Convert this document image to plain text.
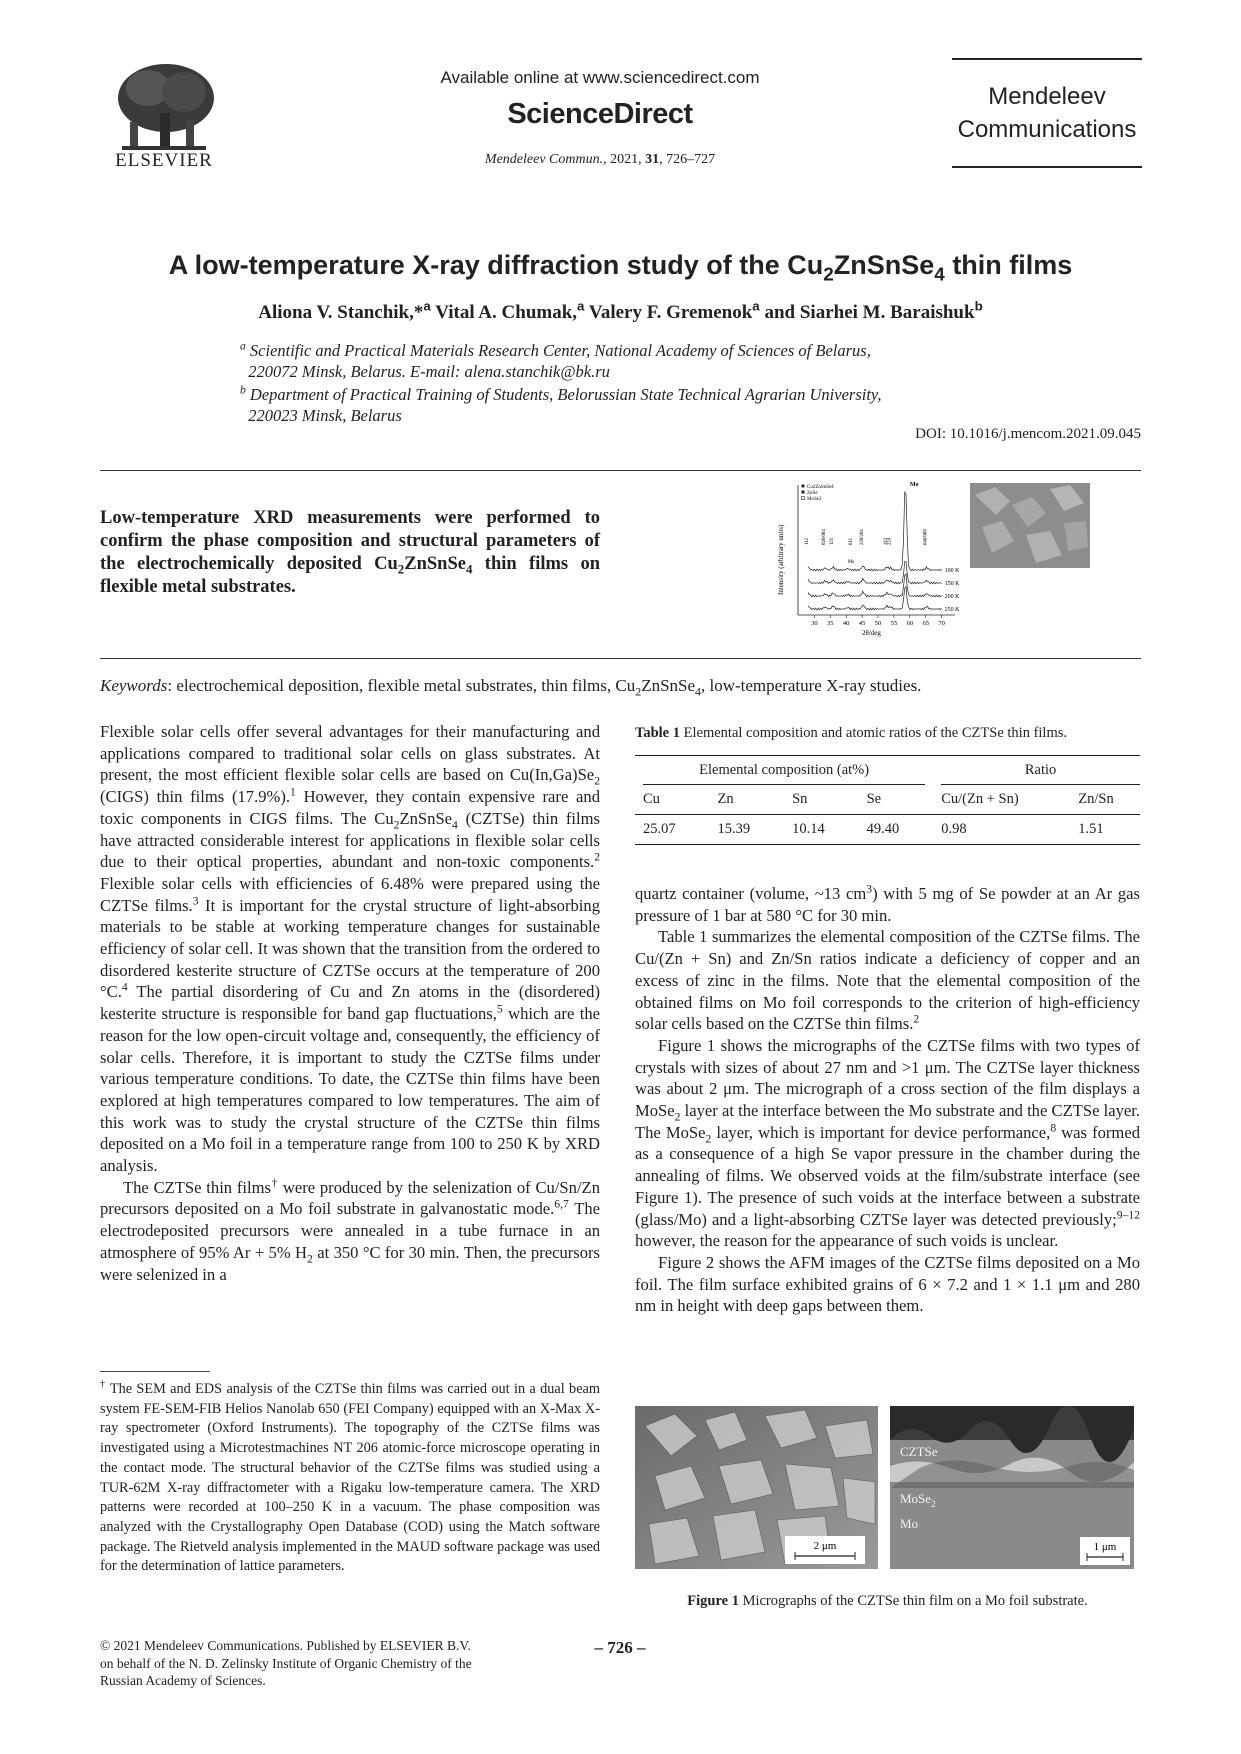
ELSEVIER
Available online at www.sciencedirect.com
ScienceDirect
Mendeleev Commun., 2021, 31, 726–727
Mendeleev
Communications
A low-temperature X-ray diffraction study of the $Cu_2ZnSnSe_4$ thin films
Aliona V. Stanchik,*$^a$ Vital A. Chumak,$^a$ Valery F. Gremenok$^a$ and Siarhei M. Baraishuk$^b$
$^a$ Scientific and Practical Materials Research Center, National Academy of Sciences of Belarus,
220072 Minsk, Belarus. E-mail: alena.stanchik@bk.ru
$^b$ Department of Practical Training of Students, Belorussian State Technical Agrarian University,
220023 Minsk, Belarus
DOI: 10.1016/j.mencom.2021.09.045
Low-temperature XRD measurements were performed to confirm the phase composition and structural parameters of the electrochemically deposited $Cu_2ZnSnSe_4$ thin films on flexible metal substrates.	Intensity (arbitrary units)
30 35 40 45 50 55 60 65 70
2θ/deg
Cu2ZnSnSe4
ZnSe
MoSe2
Mo
100 K
150 K
200 K
250 K
112	020/004 121
Mo
011 220/204	312
224	040/008
Keywords: electrochemical deposition, flexible metal substrates, thin films, $Cu_2ZnSnSe_4$, low-temperature X-ray studies.

Flexible solar cells offer several advantages for their manufacturing and applications compared to traditional solar cells on glass substrates. At present, the most efficient flexible solar cells are based on $Cu(In,Ga)Se_2$ (CIGS) thin films (17.9%).$^1$ However, they contain expensive rare and toxic components in CIGS films. The $Cu_2ZnSnSe_4$ (CZTSe) thin films have attracted considerable interest for applications in flexible solar cells due to their optical properties, abundant and non-toxic components.$^2$ Flexible solar cells with efficiencies of 6.48% were prepared using the CZTSe films.$^3$ It is important for the crystal structure of light-absorbing materials to be stable at working temperature changes for sustainable efficiency of solar cell. It was shown that the transition from the ordered to disordered kesterite structure of CZTSe occurs at the temperature of 200 °C.$^4$ The partial disordering of Cu and Zn atoms in the (disordered) kesterite structure is responsible for band gap fluctuations,$^5$ which are the reason for the low open-circuit voltage and, consequently, the efficiency of solar cells. Therefore, it is important to study the CZTSe films under various temperature conditions. To date, the CZTSe thin films have been explored at high temperatures compared to low temperatures. The aim of this work was to study the crystal structure of the CZTSe thin films deposited on a Mo foil in a temperature range from 100 to 250 K by XRD analysis.

The CZTSe thin films† were produced by the selenization of Cu/Sn/Zn precursors deposited on a Mo foil substrate in galvanostatic mode.$^{6,7}$ The electrodeposited precursors were annealed in a tube furnace in an atmosphere of 95% Ar + 5% $H_2$ at 350 °C for 30 min. Then, the precursors were selenized in a

† The SEM and EDS analysis of the CZTSe thin films was carried out in a dual beam system FE-SEM-FIB Helios Nanolab 650 (FEI Company) equipped with an X-Max X-ray spectrometer (Oxford Instruments). The topography of the CZTSe films was investigated using a Microtestmachines NT 206 atomic-force microscope operating in the contact mode. The structural behavior of the CZTSe films was studied using a TUR-62M X-ray diffractometer with a Rigaku low-temperature camera. The XRD patterns were recorded at 100–250 K in a vacuum. The phase composition was analyzed with the Crystallography Open Database (COD) using the Match software package. The Rietveld analysis implemented in the MAUD software package was used for the determination of lattice parameters.
Table 1 Elemental composition and atomic ratios of the CZTSe thin films.
Elemental composition (at%)				Ratio	

Cu	Zn	Sn	Se	Cu/(Zn + Sn)	Zn/Sn
25.07	15.39	10.14	49.40	0.98	1.51

quartz container (volume, ~13 $cm^3$) with 5 mg of Se powder at an Ar gas pressure of 1 bar at 580 °C for 30 min.

Table 1 summarizes the elemental composition of the CZTSe films. The Cu/(Zn + Sn) and Zn/Sn ratios indicate a deficiency of copper and an excess of zinc in the films. Note that the elemental composition of the obtained films on Mo foil corresponds to the criterion of high-efficiency solar cells based on the CZTSe thin films.$^2$

Figure 1 shows the micrographs of the CZTSe films with two types of crystals with sizes of about 27 nm and >1 μm. The CZTSe layer thickness was about 2 μm. The micrograph of a cross section of the film displays a MoSe$_2$ layer at the interface between the Mo substrate and the CZTSe layer. The MoSe$_2$ layer, which is important for device performance,$^8$ was formed as a consequence of a high Se vapor pressure in the chamber during the annealing of films. We observed voids at the film/substrate interface (see Figure 1). The presence of such voids at the interface between a substrate (glass/Mo) and a light-absorbing CZTSe layer was detected previously;$^{9-12}$ however, the reason for the appearance of such voids is unclear.

Figure 2 shows the AFM images of the CZTSe films deposited on a Mo foil. The film surface exhibited grains of 6 × 7.2 and 1 × 1.1 μm and 280 nm in height with deep gaps between them.

2 μm
CZTSe
MoSe$_2$
Mo
1 μm
Figure 1 Micrographs of the CZTSe thin film on a Mo foil substrate.
© 2021 Mendeleev Communications. Published by ELSEVIER B.V.
on behalf of the N. D. Zelinsky Institute of Organic Chemistry of the
Russian Academy of Sciences.
– 726 –
